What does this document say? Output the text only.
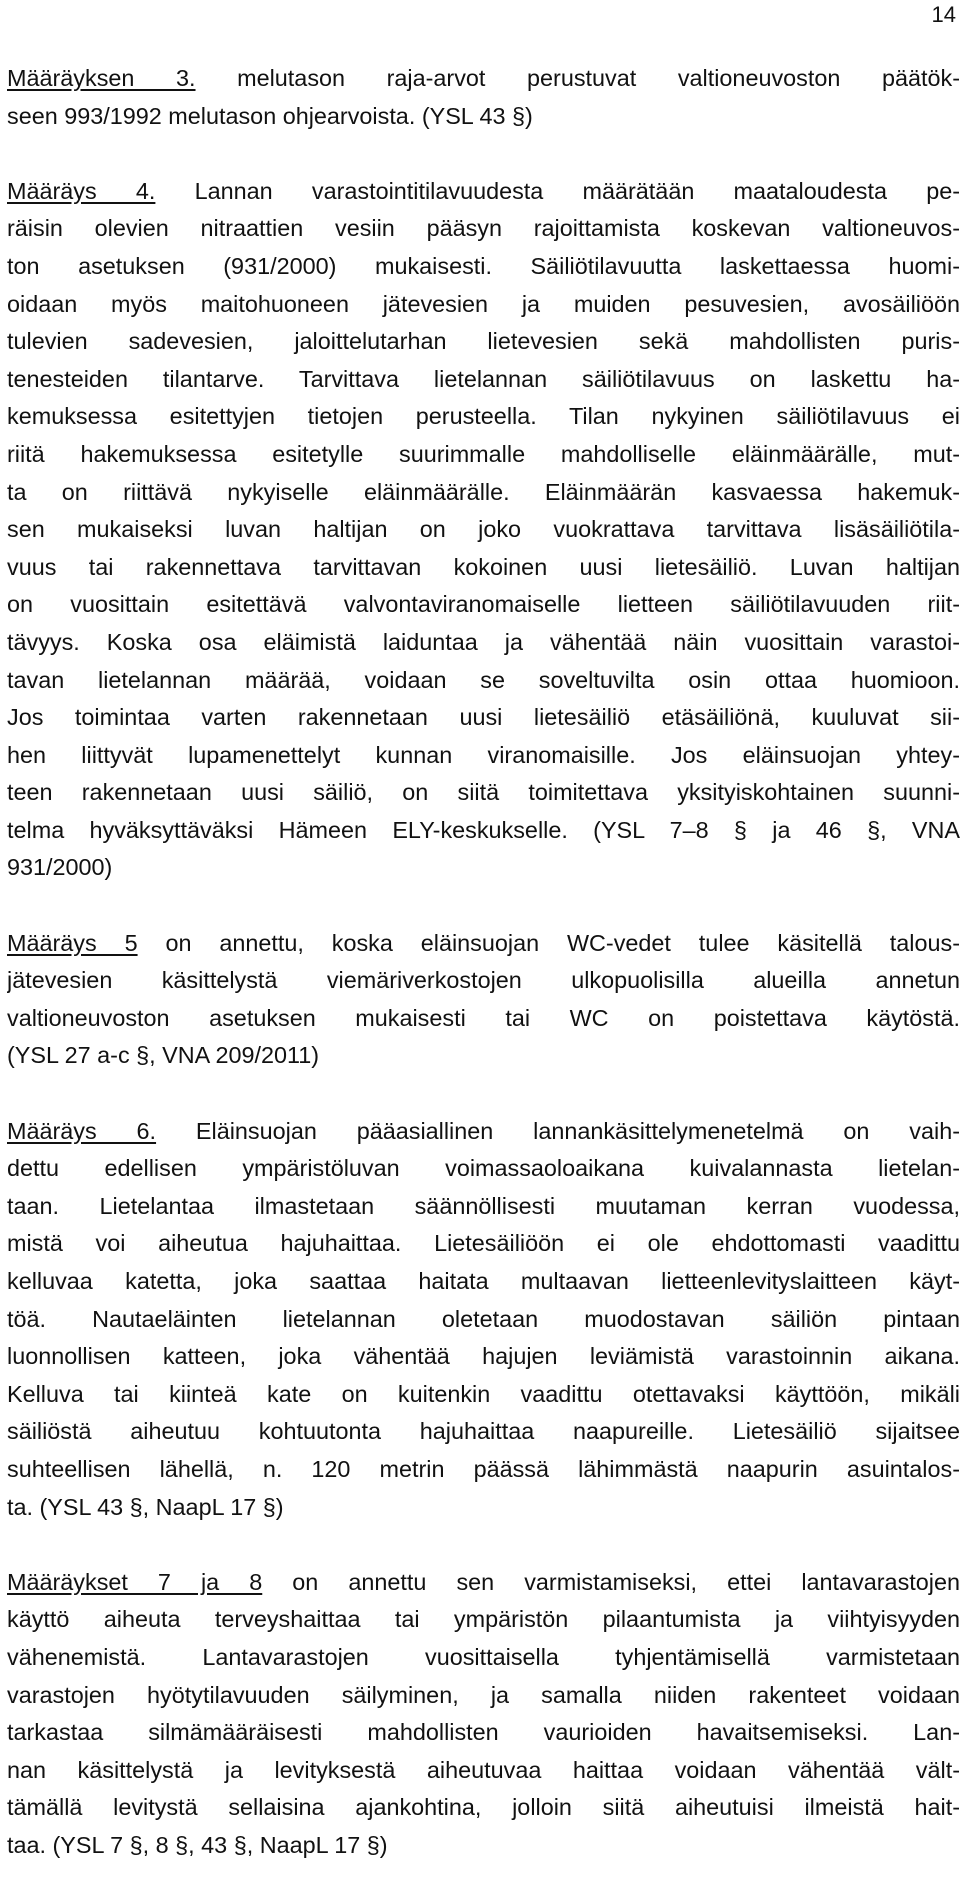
14
Määräyksen 3. melutason raja-arvot perustuvat valtioneuvoston päätök-
seen 993/1992 melutason ohjearvoista. (YSL 43 §)
Määräys 4. Lannan varastointitilavuudesta määrätään maataloudesta pe-
räisin olevien nitraattien vesiin pääsyn rajoittamista koskevan valtioneuvos-
ton asetuksen (931/2000) mukaisesti. Säiliötilavuutta laskettaessa huomi-
oidaan myös maitohuoneen jätevesien ja muiden pesuvesien, avosäiliöön
tulevien sadevesien, jaloittelutarhan lietevesien sekä mahdollisten puris-
tenesteiden tilantarve. Tarvittava lietelannan säiliötilavuus on laskettu ha-
kemuksessa esitettyjen tietojen perusteella. Tilan nykyinen säiliötilavuus ei
riitä hakemuksessa esitetylle suurimmalle mahdolliselle eläinmäärälle, mut-
ta on riittävä nykyiselle eläinmäärälle. Eläinmäärän kasvaessa hakemuk-
sen mukaiseksi luvan haltijan on joko vuokrattava tarvittava lisäsäiliötila-
vuus tai rakennettava tarvittavan kokoinen uusi lietesäiliö. Luvan haltijan
on vuosittain esitettävä valvontaviranomaiselle lietteen säiliötilavuuden riit-
tävyys. Koska osa eläimistä laiduntaa ja vähentää näin vuosittain varastoi-
tavan lietelannan määrää, voidaan se soveltuvilta osin ottaa huomioon.
Jos toimintaa varten rakennetaan uusi lietesäiliö etäsäiliönä, kuuluvat sii-
hen liittyvät lupamenettelyt kunnan viranomaisille. Jos eläinsuojan yhtey-
teen rakennetaan uusi säiliö, on siitä toimitettava yksityiskohtainen suunni-
telma hyväksyttäväksi Hämeen ELY-keskukselle. (YSL 7–8 § ja 46 §, VNA
931/2000)
Määräys 5 on annettu, koska eläinsuojan WC-vedet tulee käsitellä talous-
jätevesien käsittelystä viemäriverkostojen ulkopuolisilla alueilla annetun
valtioneuvoston asetuksen mukaisesti tai WC on poistettava käytöstä.
(YSL 27 a-c §, VNA 209/2011)
Määräys 6. Eläinsuojan pääasiallinen lannankäsittelymenetelmä on vaih-
dettu edellisen ympäristöluvan voimassaoloaikana kuivalannasta lietelan-
taan. Lietelantaa ilmastetaan säännöllisesti muutaman kerran vuodessa,
mistä voi aiheutua hajuhaittaa. Lietesäiliöön ei ole ehdottomasti vaadittu
kelluvaa katetta, joka saattaa haitata multaavan lietteenlevityslaitteen käyt-
töä. Nautaeläinten lietelannan oletetaan muodostavan säiliön pintaan
luonnollisen katteen, joka vähentää hajujen leviämistä varastoinnin aikana.
Kelluva tai kiinteä kate on kuitenkin vaadittu otettavaksi käyttöön, mikäli
säiliöstä aiheutuu kohtuutonta hajuhaittaa naapureille. Lietesäiliö sijaitsee
suhteellisen lähellä, n. 120 metrin päässä lähimmästä naapurin asuintalos-
ta. (YSL 43 §, NaapL 17 §)
Määräykset 7 ja 8 on annettu sen varmistamiseksi, ettei lantavarastojen
käyttö aiheuta terveyshaittaa tai ympäristön pilaantumista ja viihtyisyyden
vähenemistä. Lantavarastojen vuosittaisella tyhjentämisellä varmistetaan
varastojen hyötytilavuuden säilyminen, ja samalla niiden rakenteet voidaan
tarkastaa silmämääräisesti mahdollisten vaurioiden havaitsemiseksi. Lan-
nan käsittelystä ja levityksestä aiheutuvaa haittaa voidaan vähentää vält-
tämällä levitystä sellaisina ajankohtina, jolloin siitä aiheutuisi ilmeistä hait-
taa. (YSL 7 §, 8 §, 43 §, NaapL 17 §)
